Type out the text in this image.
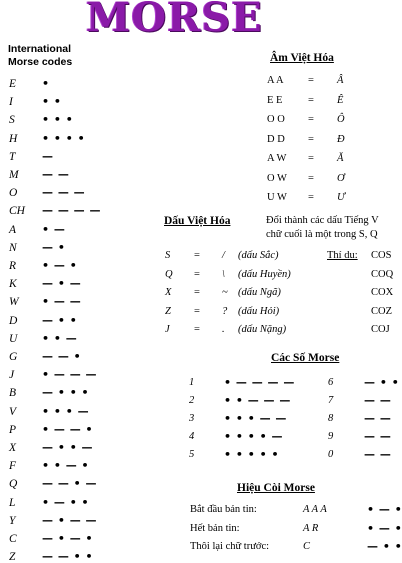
MORSE
International
Morse codes
E •
I	• •
S • • •
H • • • •
T —
M — —
O — — —
CH — — — —
A • —
N — •
R • — •
K — • —
W • — —
D — • •
U • • —
G — — •
J	• — — —
B — • • •
V • • • —
P • — — •
X — • • —
F • • — •
Q — — • —
L • — • •
Y — • — —
C — • — •
Z — — • •
Âm Việt Hóa
A A = Â
E E = Ê
O O = Ô
D D = Đ
A W = Ă
O W = Ơ
U W = Ư
Dấu Việt Hóa	Đổi thành các dấu Tiếng V
chữ cuối là một trong S, Q
Thí du:
S = / (dấu Sắc)	COS
Q = \ (dấu Huyền)	COQ
X = ~ (dấu Ngã)	COX
Z = ? (dấu Hỏi)	COZ
J = . (dấu Nặng)	COJ
Các Số Morse
1	• — — — —	6	— • •
2	• • — — —	7	— —
3	• • • — —	8	— —
4	• • • • —	9	— —
5	• • • • •	0	— —
Hiệu Còi Morse
Bắt đầu bản tin:	A A A	• — •
Hết bản tin:	A R	• — •
Thôi lại chữ trước:	C	— • •
